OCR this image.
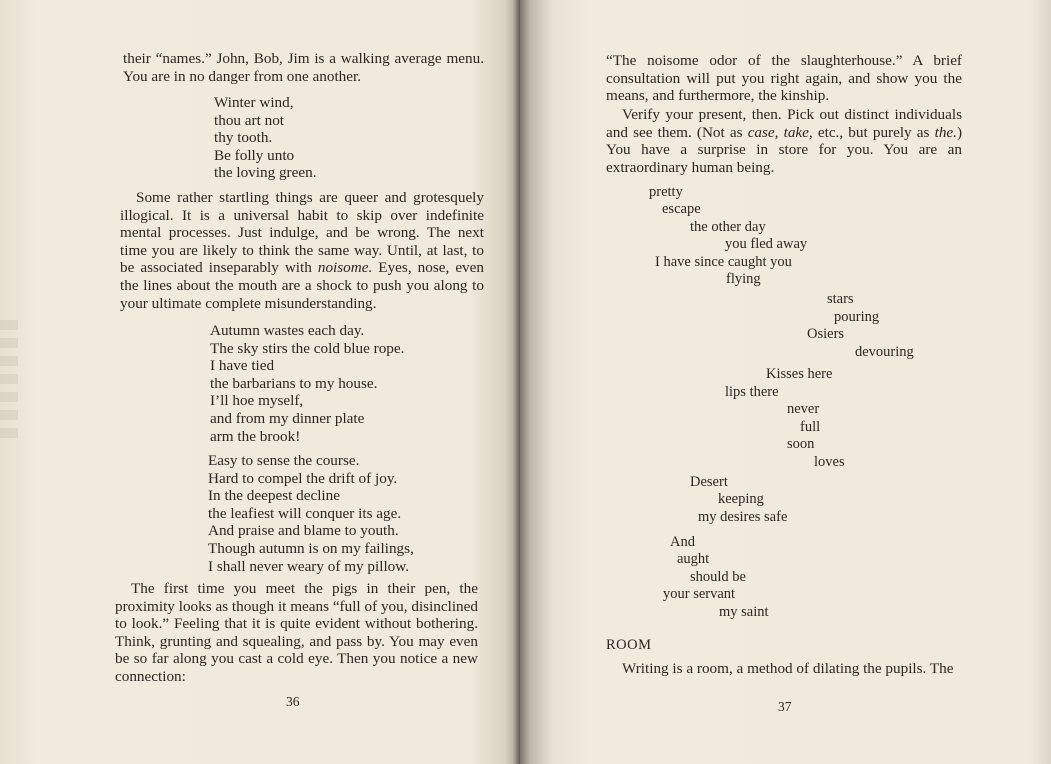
their “names.” John, Bob, Jim is a walking average menu. You are in no danger from one another.

Winter wind,
thou art not
thy tooth.
Be folly unto
the loving green.

Some rather startling things are queer and grotesquely illogical. It is a universal habit to skip over indefinite mental processes. Just indulge, and be wrong. The next time you are likely to think the same way. Until, at last, to be associated inseparably with noisome. Eyes, nose, even the lines about the mouth are a shock to push you along to your ultimate complete misunderstanding.

Autumn wastes each day.
The sky stirs the cold blue rope.
I have tied
the barbarians to my house.
I’ll hoe myself,
and from my dinner plate
arm the brook!
Easy to sense the course.
Hard to compel the drift of joy.
In the deepest decline
the leafiest will conquer its age.
And praise and blame to youth.
Though autumn is on my failings,
I shall never weary of my pillow.

The first time you meet the pigs in their pen, the proximity looks as though it means “full of you, disinclined to look.” Feeling that it is quite evident without bothering. Think, grunting and squealing, and pass by. You may even be so far along you cast a cold eye. Then you notice a new connection:

36

“The noisome odor of the slaughterhouse.” A brief consultation will put you right again, and show you the means, and furthermore, the kinship.

Verify your present, then. Pick out distinct individuals and see them. (Not as case, take, etc., but purely as the.) You have a surprise in store for you. You are an extraordinary human being.

pretty
escape
the other day
you fled away
I have since caught you
flying
stars
pouring
Osiers
devouring
Kisses here
lips there
never
full
soon
loves
Desert
keeping
my desires safe
And
aught
should be
your servant
my saint
ROOM

Writing is a room, a method of dilating the pupils. The

37
